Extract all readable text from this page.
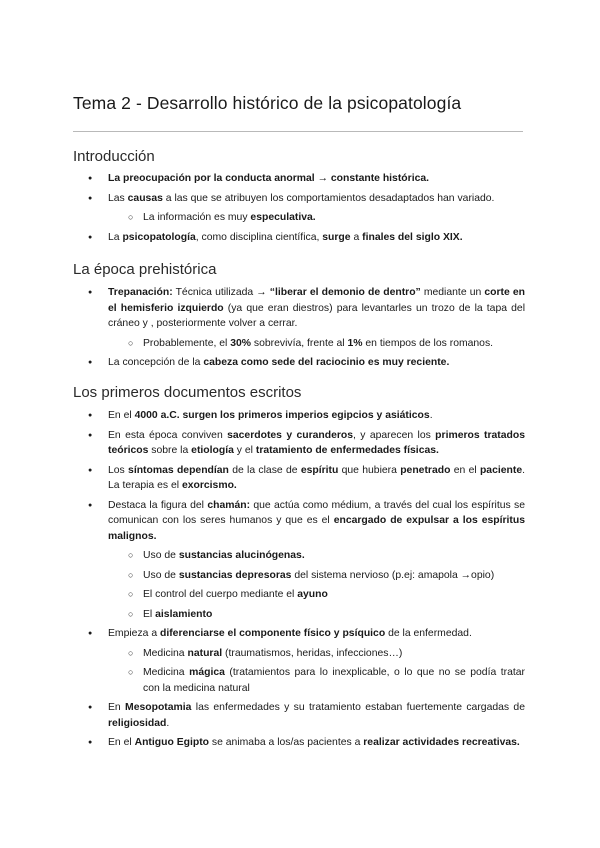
Tema 2 - Desarrollo histórico de la psicopatología
Introducción
● La preocupación por la conducta anormal → constante histórica.
● Las causas a las que se atribuyen los comportamientos desadaptados han variado.
○ La información es muy especulativa.
● La psicopatología, como disciplina científica, surge a finales del siglo XIX.
La época prehistórica
● Trepanación: Técnica utilizada → “liberar el demonio de dentro” mediante un corte en el hemisferio izquierdo (ya que eran diestros) para levantarles un trozo de la tapa del cráneo y , posteriormente volver a cerrar.
○ Probablemente, el 30% sobrevivía, frente al 1% en tiempos de los romanos.
● La concepción de la cabeza como sede del raciocinio es muy reciente.
Los primeros documentos escritos
● En el 4000 a.C. surgen los primeros imperios egipcios y asiáticos.
● En esta época conviven sacerdotes y curanderos, y aparecen los primeros tratados teóricos sobre la etiología y el tratamiento de enfermedades físicas.
● Los síntomas dependían de la clase de espíritu que hubiera penetrado en el paciente. La terapia es el exorcismo.
● Destaca la figura del chamán: que actúa como médium, a través del cual los espíritus se comunican con los seres humanos y que es el encargado de expulsar a los espíritus malignos.
○ Uso de sustancias alucinógenas.
○ Uso de sustancias depresoras del sistema nervioso (p.ej: amapola →opio)
○ El control del cuerpo mediante el ayuno
○ El aislamiento
● Empieza a diferenciarse el componente físico y psíquico de la enfermedad.
○ Medicina natural (traumatismos, heridas, infecciones…)
○ Medicina mágica (tratamientos para lo inexplicable, o lo que no se podía tratar con la medicina natural
● En Mesopotamia las enfermedades y su tratamiento estaban fuertemente cargadas de religiosidad.
● En el Antiguo Egipto se animaba a los/as pacientes a realizar actividades recreativas.
